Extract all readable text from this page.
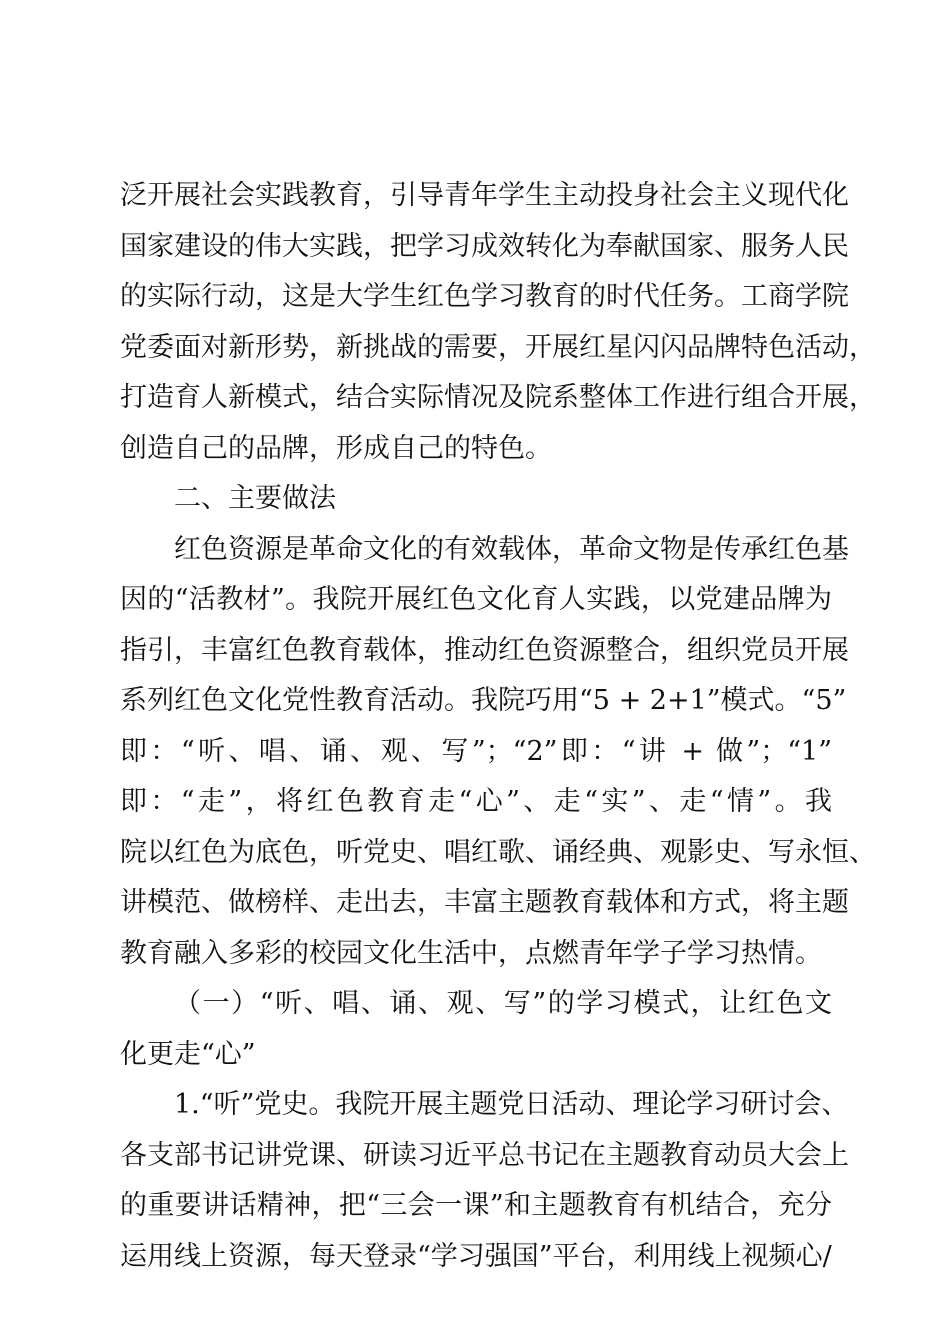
泛开展社会实践教育，引导青年学生主动投身社会主义现代化
国家建设的伟大实践，把学习成效转化为奉献国家、服务人民
的实际行动，这是大学生红色学习教育的时代任务。工商学院
党委面对新形势，新挑战的需要，开展红星闪闪品牌特色活动，
打造育人新模式，结合实际情况及院系整体工作进行组合开展，
创造自己的品牌，形成自己的特色。
二、主要做法
红色资源是革命文化的有效载体，革命文物是传承红色基
因的“活教材”。我院开展红色文化育人实践，以党建品牌为
指引，丰富红色教育载体，推动红色资源整合，组织党员开展
系列红色文化党性教育活动。我院巧用“5 + 2+1”模式。“5”
即：“听、唱、诵、观、写”；“2”即：“讲 + 做”；“1”
即：“走”，将红色教育走“心”、走“实”、走“情”。我
院以红色为底色，听党史、唱红歌、诵经典、观影史、写永恒、
讲模范、做榜样、走出去，丰富主题教育载体和方式，将主题
教育融入多彩的校园文化生活中，点燃青年学子学习热情。
（一）“听、唱、诵、观、写”的学习模式，让红色文
化更走“心”
1.“听”党史。我院开展主题党日活动、理论学习研讨会、
各支部书记讲党课、研读习近平总书记在主题教育动员大会上
的重要讲话精神，把“三会一课”和主题教育有机结合，充分
运用线上资源，每天登录“学习强国”平台，利用线上视频心/
